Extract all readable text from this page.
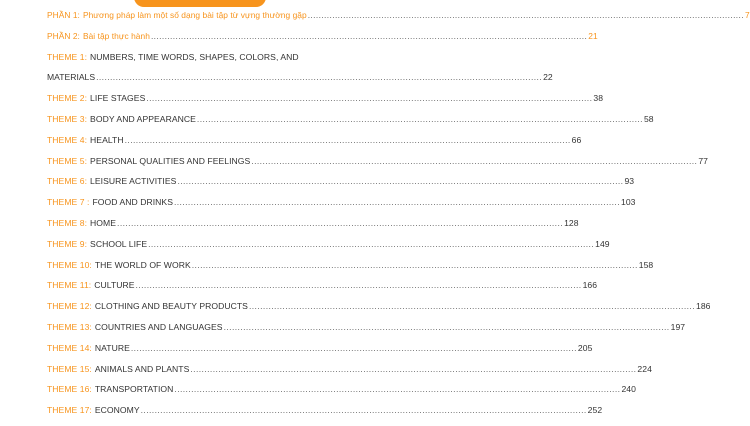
PHẦN 1: Phương pháp làm một số dạng bài tập từ vựng thường gặp .....	7
PHẦN 2: Bài tập thực hành .....	21
THEME 1: NUMBERS, TIME WORDS, SHAPES, COLORS, AND
MATERIALS .....	22
THEME 2: LIFE STAGES .....	38
THEME 3: BODY AND APPEARANCE .....	58
THEME 4: HEALTH .....	66
THEME 5: PERSONAL QUALITIES AND FEELINGS .....	77
THEME 6: LEISURE ACTIVITIES .....	93
THEME 7 : FOOD AND DRINKS .....	103
THEME 8: HOME .....	128
THEME 9: SCHOOL LIFE .....	149
THEME 10: THE WORLD OF WORK .....	158
THEME 11: CULTURE .....	166
THEME 12: CLOTHING AND BEAUTY PRODUCTS .....	186
THEME 13: COUNTRIES AND LANGUAGES .....	197
THEME 14: NATURE .....	205
THEME 15: ANIMALS AND PLANTS .....	224
THEME 16: TRANSPORTATION .....	240
THEME 17: ECONOMY .....	252
